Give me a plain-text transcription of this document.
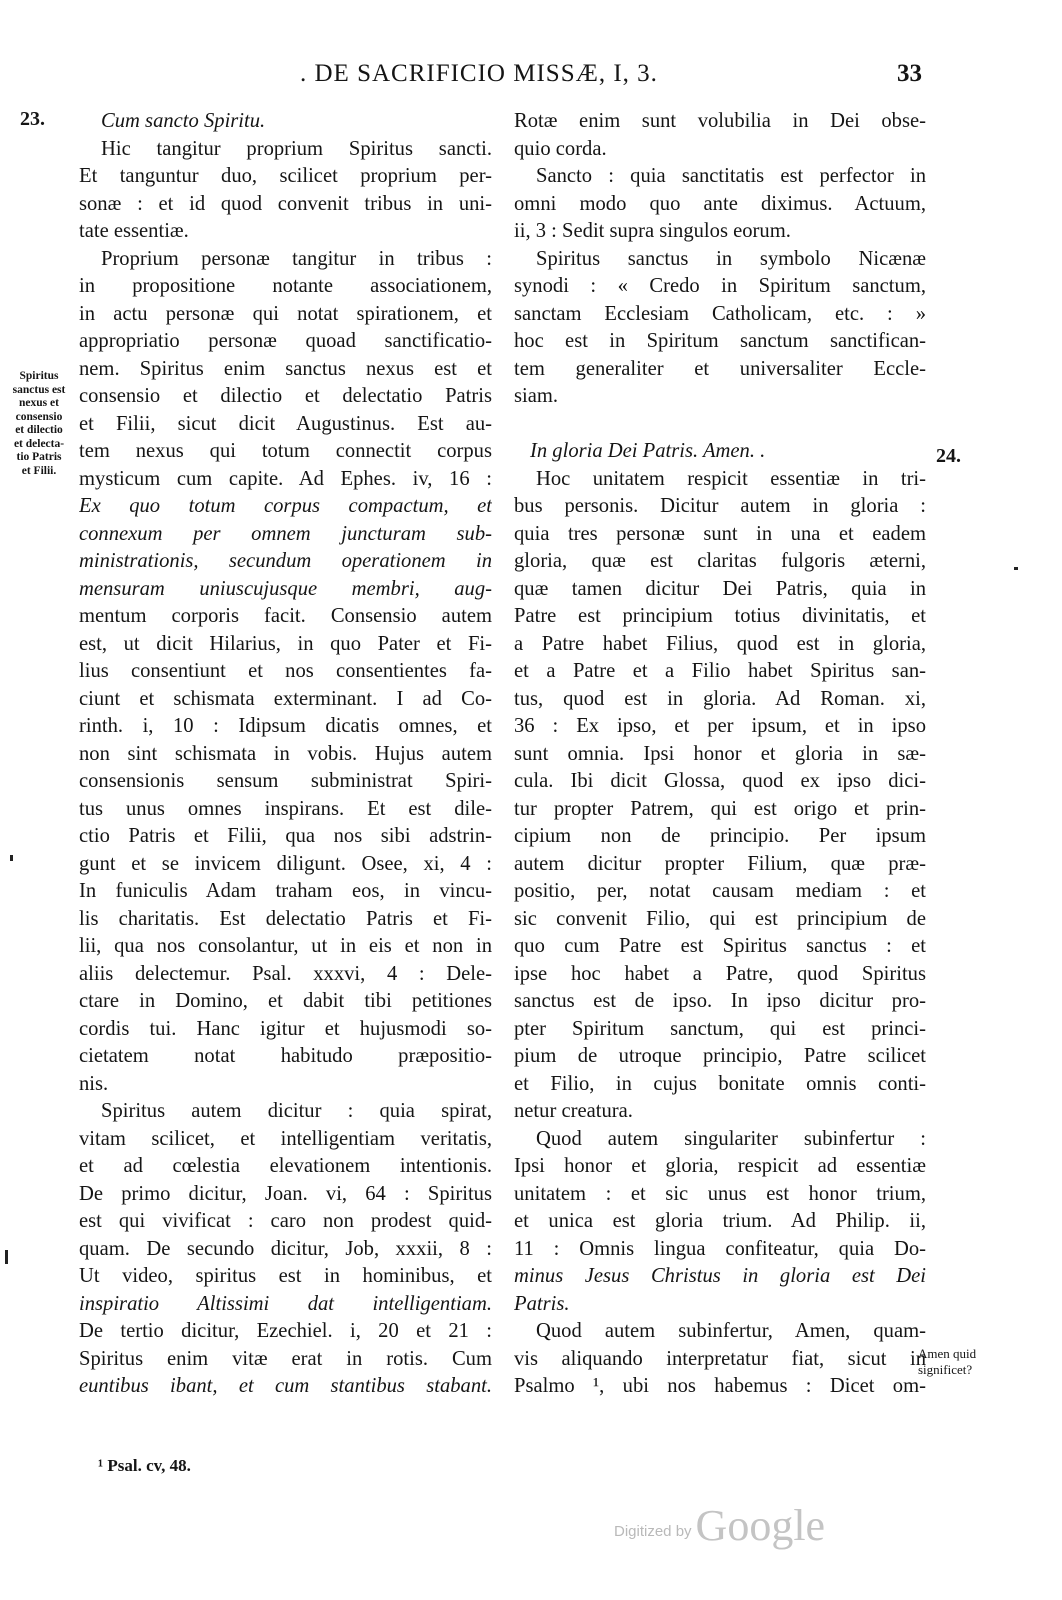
. DE SACRIFICIO MISSÆ, I, 3.	33
23.
24.
Spiritus
sanctus est
nexus et
consensio
et dilectio
et delecta-
tio Patris
et Filii.
Amen quid
significet?
Cum sancto Spiritu.
Hic tangitur proprium Spiritus sancti.
Et tanguntur duo, scilicet proprium per-
sonæ : et id quod convenit tribus in uni-
tate essentiæ.
Proprium personæ tangitur in tribus :
in propositione notante associationem,
in actu personæ qui notat spirationem, et
appropriatio personæ quoad sanctificatio-
nem. Spiritus enim sanctus nexus est et
consensio et dilectio et delectatio Patris
et Filii, sicut dicit Augustinus. Est au-
tem nexus qui totum connectit corpus
mysticum cum capite. Ad Ephes. iv, 16 :
Ex quo totum corpus compactum, et
connexum per omnem juncturam sub-
ministrationis, secundum operationem in
mensuram uniuscujusque membri, aug-
mentum corporis facit. Consensio autem
est, ut dicit Hilarius, in quo Pater et Fi-
lius consentiunt et nos consentientes fa-
ciunt et schismata exterminant. I ad Co-
rinth. i, 10 : Idipsum dicatis omnes, et
non sint schismata in vobis. Hujus autem
consensionis sensum subministrat Spiri-
tus unus omnes inspirans. Et est dile-
ctio Patris et Filii, qua nos sibi adstrin-
gunt et se invicem diligunt. Osee, xi, 4 :
In funiculis Adam traham eos, in vincu-
lis charitatis. Est delectatio Patris et Fi-
lii, qua nos consolantur, ut in eis et non in
aliis delectemur. Psal. xxxvi, 4 : Dele-
ctare in Domino, et dabit tibi petitiones
cordis tui. Hanc igitur et hujusmodi so-
cietatem notat habitudo præpositio-
nis.
Spiritus autem dicitur : quia spirat,
vitam scilicet, et intelligentiam veritatis,
et ad cœlestia elevationem intentionis.
De primo dicitur, Joan. vi, 64 : Spiritus
est qui vivificat : caro non prodest quid-
quam. De secundo dicitur, Job, xxxii, 8 :
Ut video, spiritus est in hominibus, et
inspiratio Altissimi dat intelligentiam.
De tertio dicitur, Ezechiel. i, 20 et 21 :
Spiritus enim vitæ erat in rotis. Cum
euntibus ibant, et cum stantibus stabant.
Rotæ enim sunt volubilia in Dei obse-
quio corda.
Sancto : quia sanctitatis est perfector in
omni modo quo ante diximus. Actuum,
ii, 3 : Sedit supra singulos eorum.
Spiritus sanctus in symbolo Nicænæ
synodi : « Credo in Spiritum sanctum,
sanctam Ecclesiam Catholicam, etc. : »
hoc est in Spiritum sanctum sanctifican-
tem generaliter et universaliter Eccle-
siam.
In gloria Dei Patris. Amen. .
Hoc unitatem respicit essentiæ in tri-
bus personis. Dicitur autem in gloria :
quia tres personæ sunt in una et eadem
gloria, quæ est claritas fulgoris æterni,
quæ tamen dicitur Dei Patris, quia in
Patre est principium totius divinitatis, et
a Patre habet Filius, quod est in gloria,
et a Patre et a Filio habet Spiritus san-
tus, quod est in gloria. Ad Roman. xi,
36 : Ex ipso, et per ipsum, et in ipso
sunt omnia. Ipsi honor et gloria in sæ-
cula. Ibi dicit Glossa, quod ex ipso dici-
tur propter Patrem, qui est origo et prin-
cipium non de principio. Per ipsum
autem dicitur propter Filium, quæ præ-
positio, per, notat causam mediam : et
sic convenit Filio, qui est principium de
quo cum Patre est Spiritus sanctus : et
ipse hoc habet a Patre, quod Spiritus
sanctus est de ipso. In ipso dicitur pro-
pter Spiritum sanctum, qui est princi-
pium de utroque principio, Patre scilicet
et Filio, in cujus bonitate omnis conti-
netur creatura.
Quod autem singulariter subinfertur :
Ipsi honor et gloria, respicit ad essentiæ
unitatem : et sic unus est honor trium,
et unica est gloria trium. Ad Philip. ii,
11 : Omnis lingua confiteatur, quia Do-
minus Jesus Christus in gloria est Dei
Patris.
Quod autem subinfertur, Amen, quam-
vis aliquando interpretatur fiat, sicut in
Psalmo ¹, ubi nos habemus : Dicet om-
¹ Psal. cv, 48.
Digitized by Google
